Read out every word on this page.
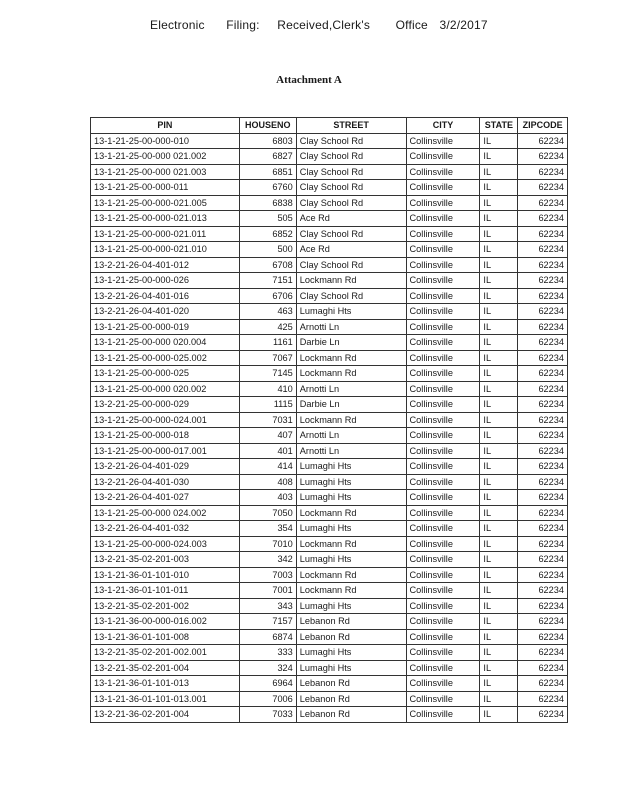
Electronic Filing: Received,Clerk's Office 3/2/2017
Attachment A
PIN	HOUSENO	STREET	CITY	STATE	ZIPCODE
13-1-21-25-00-000-010	6803	Clay School Rd	Collinsville	IL	62234
13-1-21-25-00-000 021.002	6827	Clay School Rd	Collinsville	IL	62234
13-1-21-25-00-000 021.003	6851	Clay School Rd	Collinsville	IL	62234
13-1-21-25-00-000-011	6760	Clay School Rd	Collinsville	IL	62234
13-1-21-25-00-000-021.005	6838	Clay School Rd	Collinsville	IL	62234
13-1-21-25-00-000-021.013	505	Ace Rd	Collinsville	IL	62234
13-1-21-25-00-000-021.011	6852	Clay School Rd	Collinsville	IL	62234
13-1-21-25-00-000-021.010	500	Ace Rd	Collinsville	IL	62234
13-2-21-26-04-401-012	6708	Clay School Rd	Collinsville	IL	62234
13-1-21-25-00-000-026	7151	Lockmann Rd	Collinsville	IL	62234
13-2-21-26-04-401-016	6706	Clay School Rd	Collinsville	IL	62234
13-2-21-26-04-401-020	463	Lumaghi Hts	Collinsville	IL	62234
13-1-21-25-00-000-019	425	Arnotti Ln	Collinsville	IL	62234
13-1-21-25-00-000 020.004	1161	Darbie Ln	Collinsville	IL	62234
13-1-21-25-00-000-025.002	7067	Lockmann Rd	Collinsville	IL	62234
13-1-21-25-00-000-025	7145	Lockmann Rd	Collinsville	IL	62234
13-1-21-25-00-000 020.002	410	Arnotti Ln	Collinsville	IL	62234
13-2-21-25-00-000-029	1115	Darbie Ln	Collinsville	IL	62234
13-1-21-25-00-000-024.001	7031	Lockmann Rd	Collinsville	IL	62234
13-1-21-25-00-000-018	407	Arnotti Ln	Collinsville	IL	62234
13-1-21-25-00-000-017.001	401	Arnotti Ln	Collinsville	IL	62234
13-2-21-26-04-401-029	414	Lumaghi Hts	Collinsville	IL	62234
13-2-21-26-04-401-030	408	Lumaghi Hts	Collinsville	IL	62234
13-2-21-26-04-401-027	403	Lumaghi Hts	Collinsville	IL	62234
13-1-21-25-00-000 024.002	7050	Lockmann Rd	Collinsville	IL	62234
13-2-21-26-04-401-032	354	Lumaghi Hts	Collinsville	IL	62234
13-1-21-25-00-000-024.003	7010	Lockmann Rd	Collinsville	IL	62234
13-2-21-35-02-201-003	342	Lumaghi Hts	Collinsville	IL	62234
13-1-21-36-01-101-010	7003	Lockmann Rd	Collinsville	IL	62234
13-1-21-36-01-101-011	7001	Lockmann Rd	Collinsville	IL	62234
13-2-21-35-02-201-002	343	Lumaghi Hts	Collinsville	IL	62234
13-1-21-36-00-000-016.002	7157	Lebanon Rd	Collinsville	IL	62234
13-1-21-36-01-101-008	6874	Lebanon Rd	Collinsville	IL	62234
13-2-21-35-02-201-002.001	333	Lumaghi Hts	Collinsville	IL	62234
13-2-21-35-02-201-004	324	Lumaghi Hts	Collinsville	IL	62234
13-1-21-36-01-101-013	6964	Lebanon Rd	Collinsville	IL	62234
13-1-21-36-01-101-013.001	7006	Lebanon Rd	Collinsville	IL	62234
13-2-21-36-02-201-004	7033	Lebanon Rd	Collinsville	IL	62234
